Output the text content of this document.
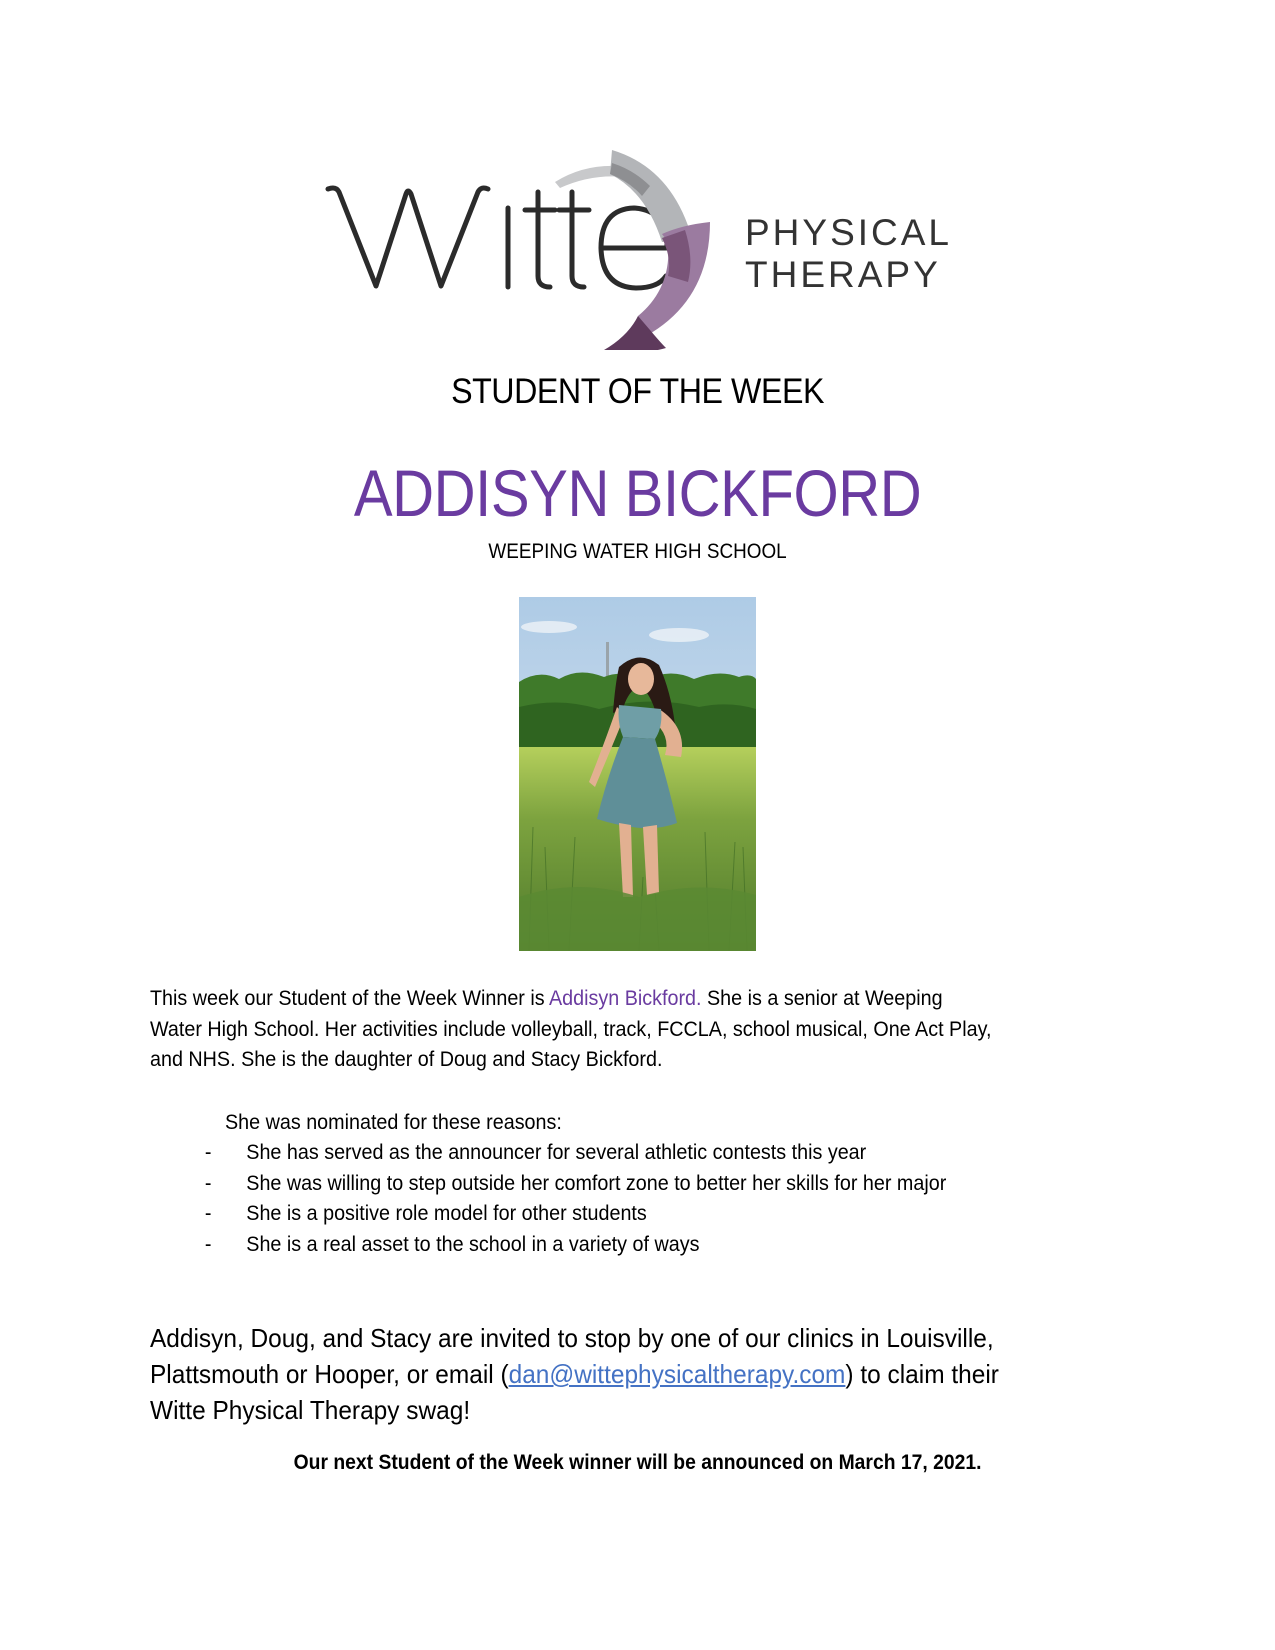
PHYSICAL
THERAPY
STUDENT OF THE WEEK
ADDISYN BICKFORD
WEEPING WATER HIGH SCHOOL
This week our Student of the Week Winner is Addisyn Bickford. She is a senior at Weeping
Water High School. Her activities include volleyball, track, FCCLA, school musical, One Act Play,
and NHS. She is the daughter of Doug and Stacy Bickford.
She was nominated for these reasons:
- She has served as the announcer for several athletic contests this year
- She was willing to step outside her comfort zone to better her skills for her major
- She is a positive role model for other students
- She is a real asset to the school in a variety of ways
Addisyn, Doug, and Stacy are invited to stop by one of our clinics in Louisville,
Plattsmouth or Hooper, or email (dan@wittephysicaltherapy.com) to claim their
Witte Physical Therapy swag!
Our next Student of the Week winner will be announced on March 17, 2021.
